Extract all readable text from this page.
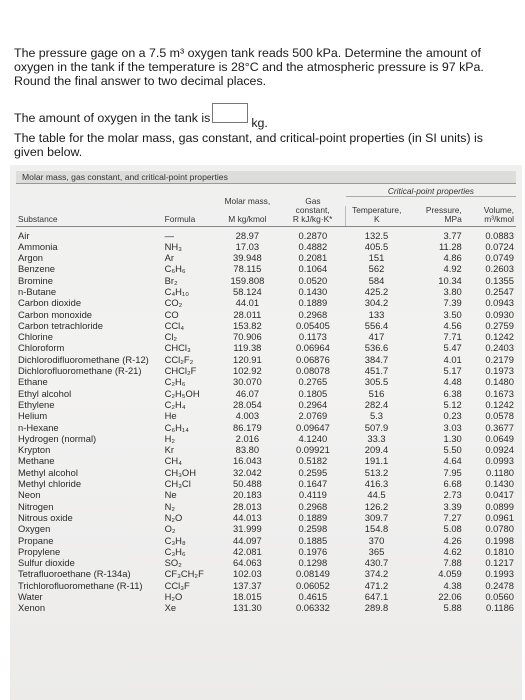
The pressure gage on a 7.5 m³ oxygen tank reads 500 kPa. Determine the amount of oxygen in the tank if the temperature is 28°C and the atmospheric pressure is 97 kPa. Round the final answer to two decimal places.
The amount of oxygen in the tank is	kg.
The table for the molar mass, gas constant, and critical-point properties (in SI units) is given below.
Molar mass, gas constant, and critical-point properties
				Critical-point properties		
		Molar mass,	Gas			
			constant,	Temperature,	Pressure,	Volume,
Substance	Formula	M kg/kmol	R kJ/kg·K*	K	MPa	m³/kmol
Air	—	28.97	0.2870	132.5	3.77	0.0883
Ammonia	NH₃	17.03	0.4882	405.5	11.28	0.0724
Argon	Ar	39.948	0.2081	151	4.86	0.0749
Benzene	C₆H₆	78.115	0.1064	562	4.92	0.2603
Bromine	Br₂	159.808	0.0520	584	10.34	0.1355
n-Butane	C₄H₁₀	58.124	0.1430	425.2	3.80	0.2547
Carbon dioxide	CO₂	44.01	0.1889	304.2	7.39	0.0943
Carbon monoxide	CO	28.011	0.2968	133	3.50	0.0930
Carbon tetrachloride	CCl₄	153.82	0.05405	556.4	4.56	0.2759
Chlorine	Cl₂	70.906	0.1173	417	7.71	0.1242
Chloroform	CHCl₃	119.38	0.06964	536.6	5.47	0.2403
Dichlorodifluoromethane (R-12)	CCl₂F₂	120.91	0.06876	384.7	4.01	0.2179
Dichlorofluoromethane (R-21)	CHCl₂F	102.92	0.08078	451.7	5.17	0.1973
Ethane	C₂H₆	30.070	0.2765	305.5	4.48	0.1480
Ethyl alcohol	C₂H₅OH	46.07	0.1805	516	6.38	0.1673
Ethylene	C₂H₄	28.054	0.2964	282.4	5.12	0.1242
Helium	He	4.003	2.0769	5.3	0.23	0.0578
n-Hexane	C₆H₁₄	86.179	0.09647	507.9	3.03	0.3677
Hydrogen (normal)	H₂	2.016	4.1240	33.3	1.30	0.0649
Krypton	Kr	83.80	0.09921	209.4	5.50	0.0924
Methane	CH₄	16.043	0.5182	191.1	4.64	0.0993
Methyl alcohol	CH₃OH	32.042	0.2595	513.2	7.95	0.1180
Methyl chloride	CH₃Cl	50.488	0.1647	416.3	6.68	0.1430
Neon	Ne	20.183	0.4119	44.5	2.73	0.0417
Nitrogen	N₂	28.013	0.2968	126.2	3.39	0.0899
Nitrous oxide	N₂O	44.013	0.1889	309.7	7.27	0.0961
Oxygen	O₂	31.999	0.2598	154.8	5.08	0.0780
Propane	C₃H₈	44.097	0.1885	370	4.26	0.1998
Propylene	C₃H₆	42.081	0.1976	365	4.62	0.1810
Sulfur dioxide	SO₂	64.063	0.1298	430.7	7.88	0.1217
Tetrafluoroethane (R-134a)	CF₃CH₂F	102.03	0.08149	374.2	4.059	0.1993
Trichlorofluoromethane (R-11)	CCl₃F	137.37	0.06052	471.2	4.38	0.2478
Water	H₂O	18.015	0.4615	647.1	22.06	0.0560
Xenon	Xe	131.30	0.06332	289.8	5.88	0.1186
